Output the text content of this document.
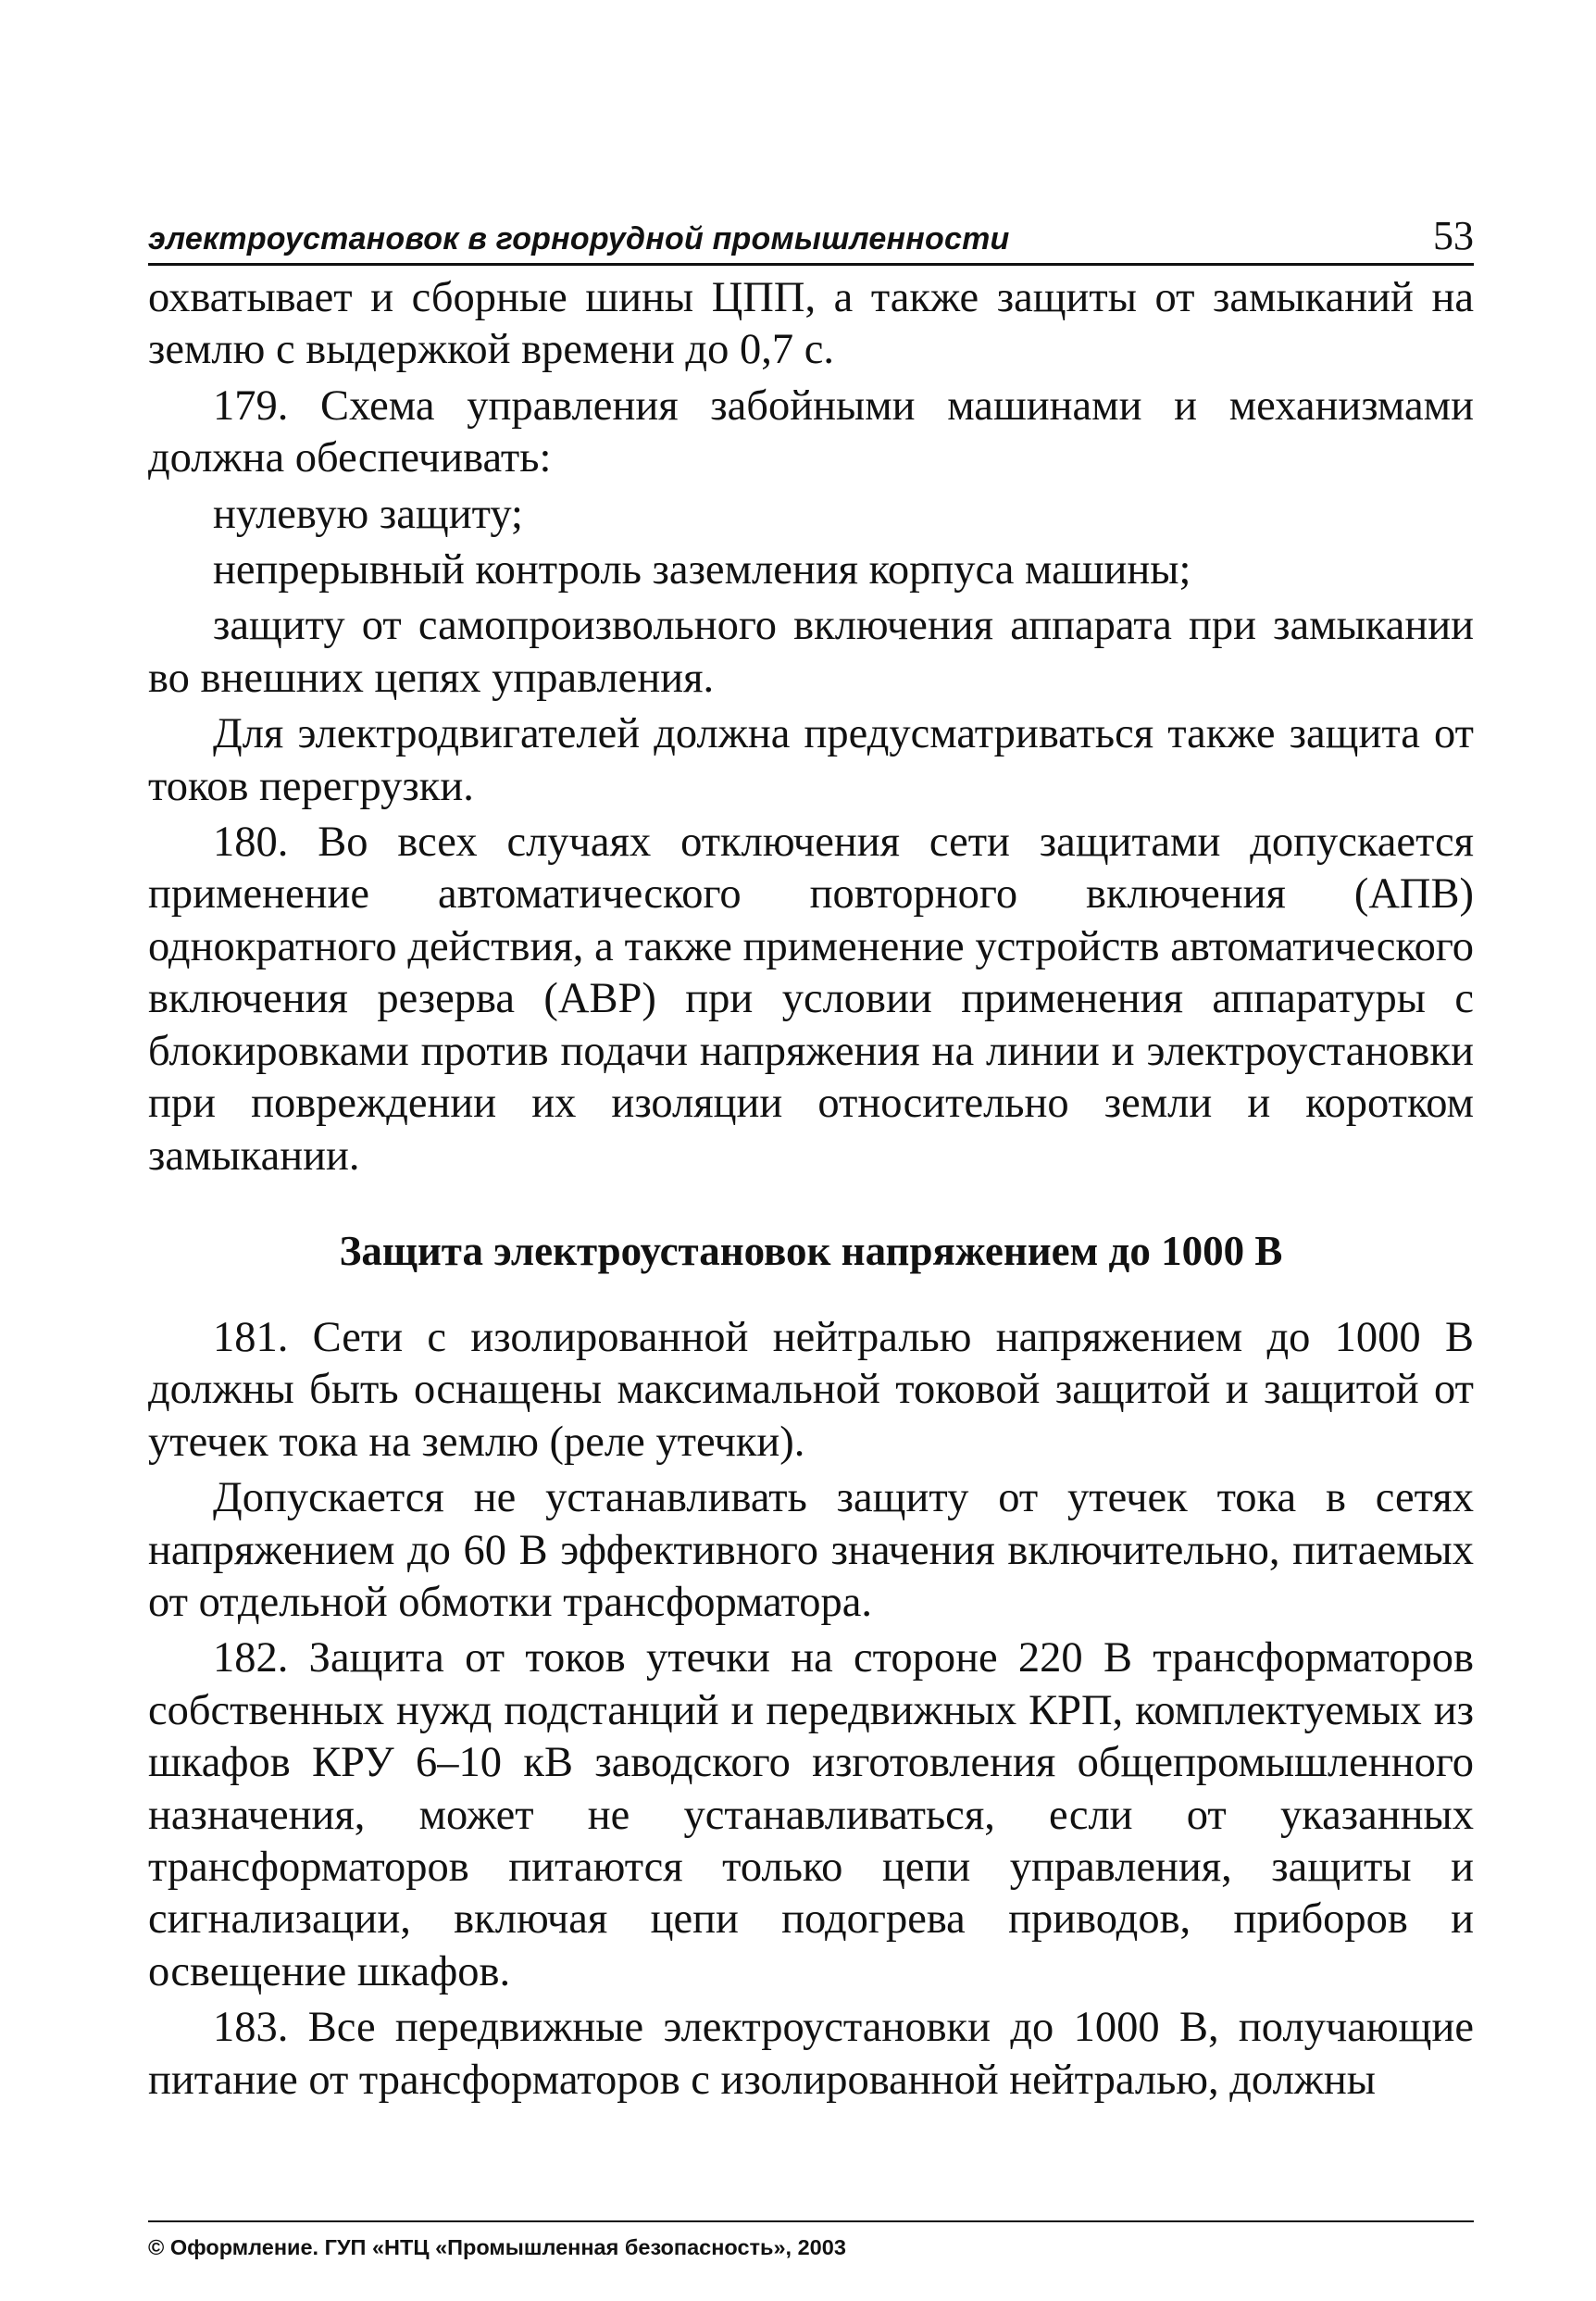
электроустановок в горнорудной промышленности	53

охватывает и сборные шины ЦПП, а также защиты от замыканий на землю с выдержкой времени до 0,7 с.

179. Схема управления забойными машинами и механизмами должна обеспечивать:

нулевую защиту;

непрерывный контроль заземления корпуса машины;

защиту от самопроизвольного включения аппарата при замыкании во внешних цепях управления.

Для электродвигателей должна предусматриваться также защита от токов перегрузки.

180. Во всех случаях отключения сети защитами допускается применение автоматического повторного включения (АПВ) однократного действия, а также применение устройств автоматического включения резерва (АВР) при условии применения аппаратуры с блокировками против подачи напряжения на линии и электроустановки при повреждении их изоляции относительно земли и коротком замыкании.

Защита электроустановок напряжением до 1000 В

181. Сети с изолированной нейтралью напряжением до 1000 В должны быть оснащены максимальной токовой защитой и защитой от утечек тока на землю (реле утечки).

Допускается не устанавливать защиту от утечек тока в сетях напряжением до 60 В эффективного значения включительно, питаемых от отдельной обмотки трансформатора.

182. Защита от токов утечки на стороне 220 В трансформаторов собственных нужд подстанций и передвижных КРП, комплектуемых из шкафов КРУ 6–10 кВ заводского изготовления общепромышленного назначения, может не устанавливаться, если от указанных трансформаторов питаются только цепи управления, защиты и сигнализации, включая цепи подогрева приводов, приборов и освещение шкафов.

183. Все передвижные электроустановки до 1000 В, получающие питание от трансформаторов с изолированной нейтралью, должны

© Оформление. ГУП «НТЦ «Промышленная безопасность», 2003
